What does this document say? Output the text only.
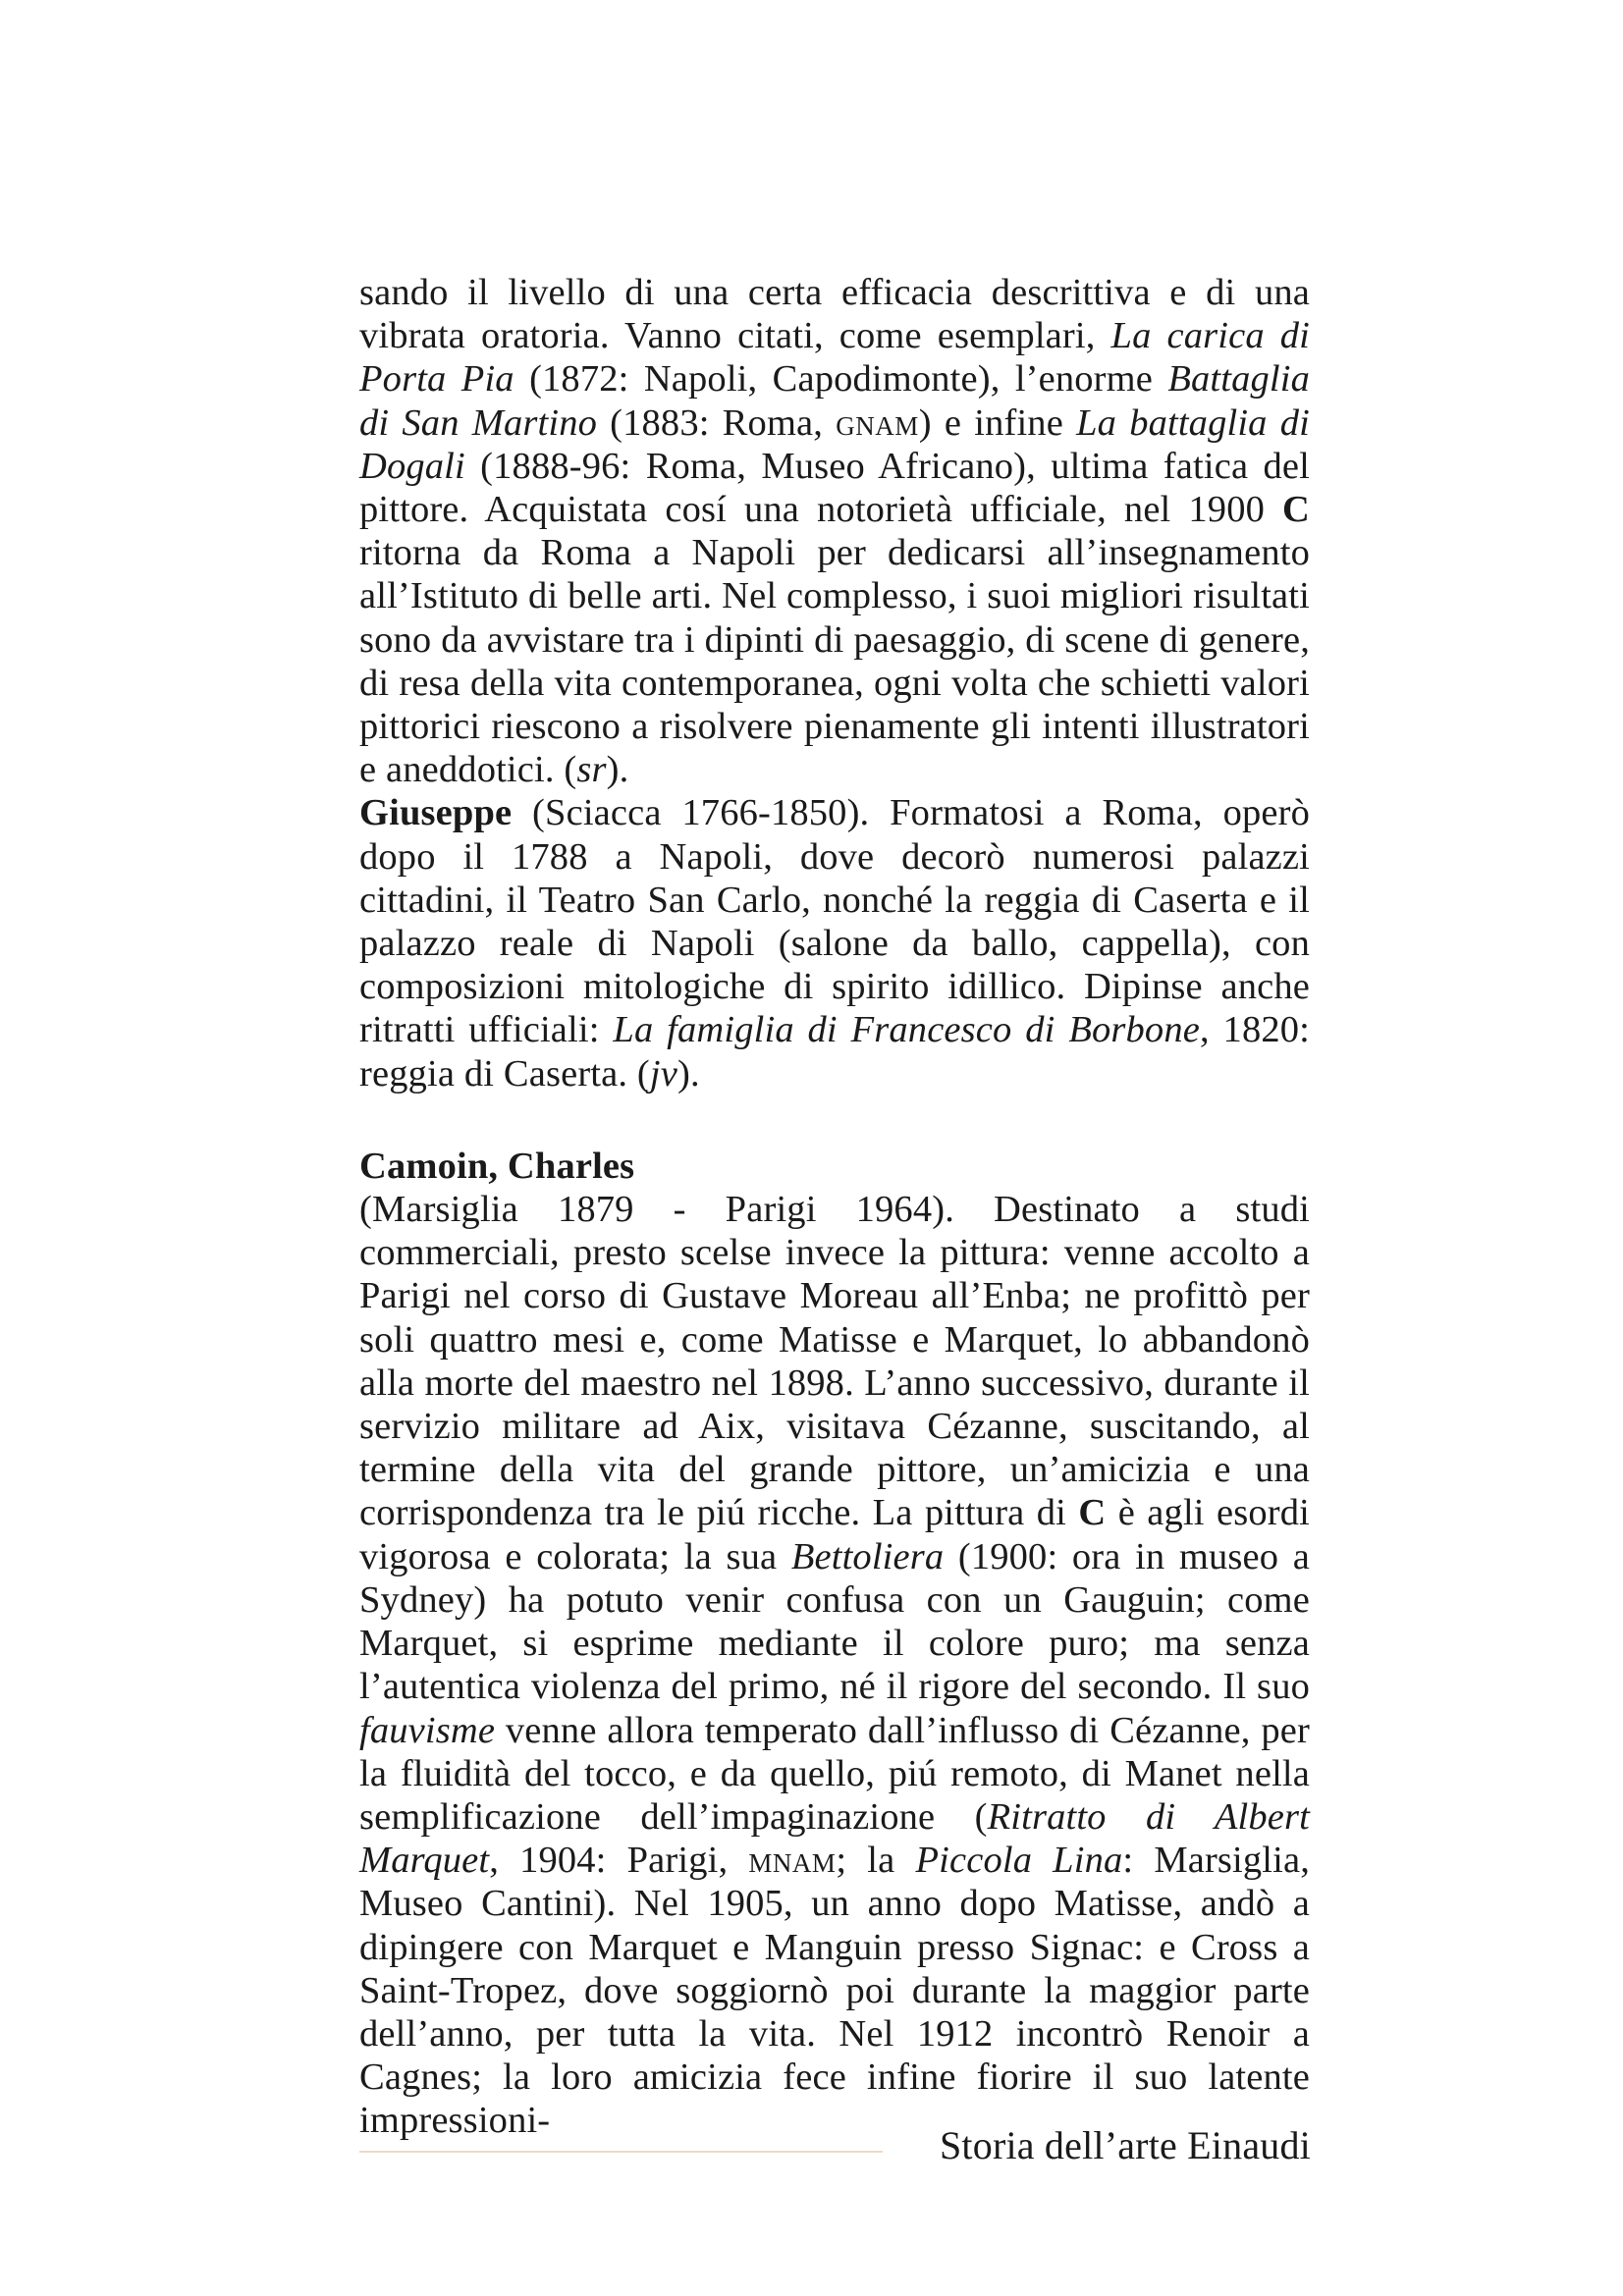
sando il livello di una certa efficacia descrittiva e di una vibrata oratoria. Vanno citati, come esemplari, La carica di Porta Pia (1872: Napoli, Capodimonte), l’enorme Battaglia di San Martino (1883: Roma, gnam) e infine La battaglia di Dogali (1888-96: Roma, Museo Africano), ultima fatica del pittore. Acquistata cosí una notorietà ufficiale, nel 1900 C ritorna da Roma a Napoli per dedicarsi all’insegnamento all’Istituto di belle arti. Nel complesso, i suoi migliori risultati sono da avvistare tra i dipinti di paesaggio, di scene di genere, di resa della vita contemporanea, ogni volta che schietti valori pittorici riescono a risolvere pienamente gli intenti illustratori e aneddotici. (sr).

Giuseppe (Sciacca 1766-1850). Formatosi a Roma, operò dopo il 1788 a Napoli, dove decorò numerosi palazzi cittadini, il Teatro San Carlo, nonché la reggia di Caserta e il palazzo reale di Napoli (salone da ballo, cappella), con composizioni mitologiche di spirito idillico. Dipinse anche ritratti ufficiali: La famiglia di Francesco di Borbone, 1820: reggia di Caserta. (jv).

Camoin, Charles

(Marsiglia 1879 - Parigi 1964). Destinato a studi commerciali, presto scelse invece la pittura: venne accolto a Parigi nel corso di Gustave Moreau all’Enba; ne profittò per soli quattro mesi e, come Matisse e Marquet, lo abbandonò alla morte del maestro nel 1898. L’anno successivo, durante il servizio militare ad Aix, visitava Cézanne, suscitando, al termine della vita del grande pittore, un’amicizia e una corrispondenza tra le piú ricche. La pittura di C è agli esordi vigorosa e colorata; la sua Bettoliera (1900: ora in museo a Sydney) ha potuto venir confusa con un Gauguin; come Marquet, si esprime mediante il colore puro; ma senza l’autentica violenza del primo, né il rigore del secondo. Il suo fauvisme venne allora temperato dall’influsso di Cézanne, per la fluidità del tocco, e da quello, piú remoto, di Manet nella semplificazione dell’impaginazione (Ritratto di Albert Marquet, 1904: Parigi, mnam; la Piccola Lina: Marsiglia, Museo Cantini). Nel 1905, un anno dopo Matisse, andò a dipingere con Marquet e Manguin presso Signac: e Cross a Saint-Tropez, dove soggiornò poi durante la maggior parte dell’anno, per tutta la vita. Nel 1912 incontrò Renoir a Cagnes; la loro amicizia fece infine fiorire il suo latente impressioni-

Storia dell’arte Einaudi
